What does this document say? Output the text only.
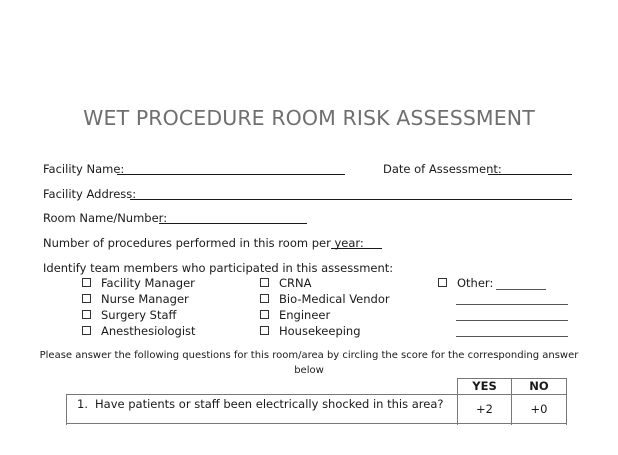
WET PROCEDURE ROOM RISK ASSESSMENT
Facility Name:	Date of Assessment:
Facility Address:
Room Name/Number:
Number of procedures performed in this room per year:
Identify team members who participated in this assessment:
Facility Manager
Nurse Manager
Surgery Staff
Anesthesiologist
CRNA
Bio-Medical Vendor
Engineer
Housekeeping
Other:
Please answer the following questions for this room/area by circling the score for the corresponding answer
below
YES	NO
1. Have patients or staff been electrically shocked in this area?	+2	+0
